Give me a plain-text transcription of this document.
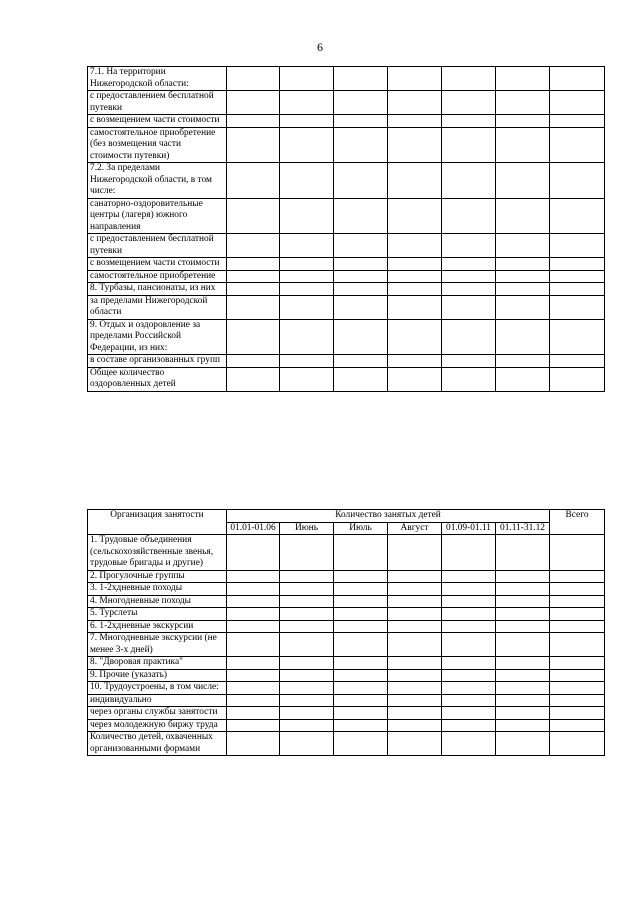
6
7.1. На территории Нижегородской области:							
с предоставлением бесплатной путевки							
с возмещением части стоимости							
самостоятельное приобретение (без возмещения части стоимости путевки)							
7.2. За пределами Нижегородской области, в том числе:							
санаторно-оздоровительные центры (лагеря) южного направления							
с предоставлением бесплатной путевки							
с возмещением части стоимости							
самостоятельное приобретение							
8. Турбазы, пансионаты, из них							
за пределами Нижегородской области							
9. Отдых и оздоровление за пределами Российской Федерации, из них:							
в составе организованных групп							
Общее количество оздоровленных детей							
Организация занятости	Количество занятых детей						Всего
	01.01-01.06	Июнь	Июль	Август	01.09-01.11	01.11-31.12	
1. Трудовые объединения (сельскохозяйственные звенья, трудовые бригады и другие)							
2. Прогулочные группы							
3. 1-2хдневные походы							
4. Многодневные походы							
5. Турслеты							
6. 1-2хдневные экскурсии							
7. Многодневные экскурсии (не менее 3-х дней)							
8. "Дворовая практика"							
9. Прочие (указать)							
10. Трудоустроены, в том числе:							
индивидуально							
через органы службы занятости							
через молодежную биржу труда							
Количество детей, охваченных организованными формами							
